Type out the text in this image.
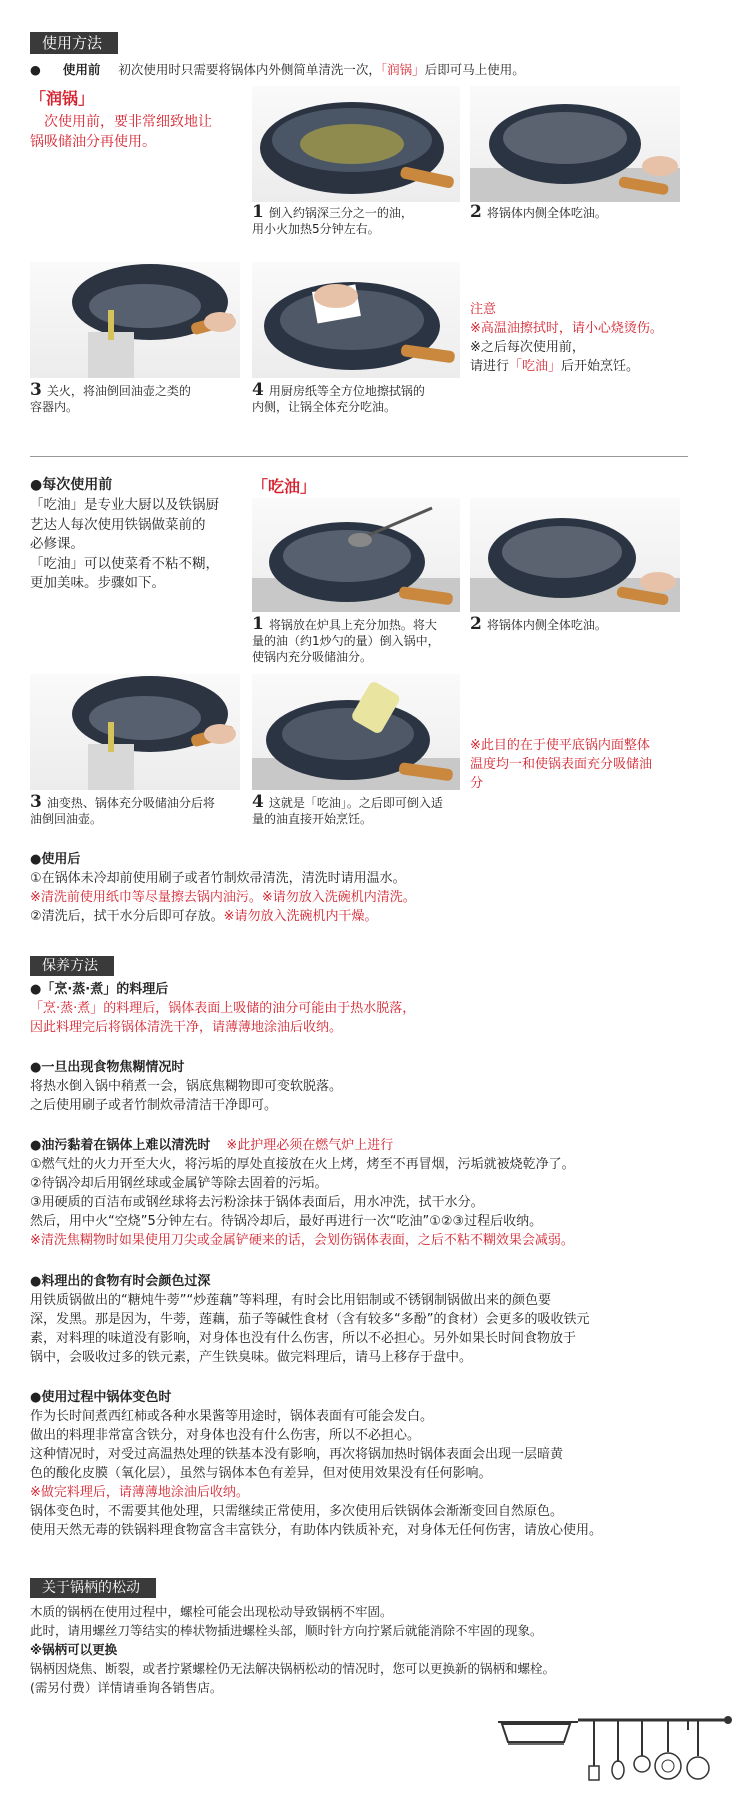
使用方法
● 使用前 初次使用时只需要将锅体内外侧简单清洗一次，「润锅」后即可马上使用。
「润锅」
次使用前，要非常细致地让
锅吸储油分再使用。
1 倒入约锅深三分之一的油，
用小火加热5分钟左右。
2 将锅体内侧全体吃油。
3 关火，将油倒回油壶之类的
容器内。
4 用厨房纸等全方位地擦拭锅的
内侧，让锅全体充分吃油。
注意
※高温油擦拭时，请小心烧烫伤。
※之后每次使用前，
请进行「吃油」后开始烹饪。
●每次使用前
「吃油」是专业大厨以及铁锅厨
艺达人每次使用铁锅做菜前的
必修课。
「吃油」可以使菜肴不粘不糊，
更加美味。步骤如下。
「吃油」
1 将锅放在炉具上充分加热。将大
量的油（约1炒勺的量）倒入锅中，
使锅内充分吸储油分。
2 将锅体内侧全体吃油。
3 油变热、锅体充分吸储油分后将
油倒回油壶。
4 这就是「吃油」。之后即可倒入适
量的油直接开始烹饪。
※此目的在于使平底锅内面整体
温度均一和使锅表面充分吸储油
分
●使用后
①在锅体未冷却前使用刷子或者竹制炊帚清洗，清洗时请用温水。
※清洗前使用纸巾等尽量擦去锅内油污。※请勿放入洗碗机内清洗。
②清洗后，拭干水分后即可存放。※请勿放入洗碗机内干燥。
保养方法
●「烹·蒸·煮」的料理后
「烹·蒸·煮」的料理后，锅体表面上吸储的油分可能由于热水脱落，
因此料理完后将锅体清洗干净，请薄薄地涂油后收纳。
●一旦出现食物焦糊情况时
将热水倒入锅中稍煮一会，锅底焦糊物即可变软脱落。
之后使用刷子或者竹制炊帚清洁干净即可。
●油污黏着在锅体上难以清洗时 ※此护理必须在燃气炉上进行
①燃气灶的火力开至大火，将污垢的厚处直接放在火上烤，烤至不再冒烟，污垢就被烧乾净了。
②待锅冷却后用钢丝球或金属铲等除去固着的污垢。
③用硬质的百洁布或钢丝球将去污粉涂抹于锅体表面后，用水冲洗，拭干水分。
然后，用中火“空烧”5分钟左右。待锅冷却后，最好再进行一次“吃油”①②③过程后收纳。
※清洗焦糊物时如果使用刀尖或金属铲硬来的话，会划伤锅体表面，之后不粘不糊效果会减弱。
●料理出的食物有时会颜色过深
用铁质锅做出的“糖炖牛蒡”“炒莲藕”等料理，有时会比用铝制或不锈钢制锅做出来的颜色要
深，发黑。那是因为，牛蒡，莲藕，茄子等碱性食材（含有较多“多酚”的食材）会更多的吸收铁元
素，对料理的味道没有影响，对身体也没有什么伤害，所以不必担心。另外如果长时间食物放于
锅中，会吸收过多的铁元素，产生铁臭味。做完料理后，请马上移存于盘中。
●使用过程中锅体变色时
作为长时间煮西红柿或各种水果酱等用途时，锅体表面有可能会发白。
做出的料理非常富含铁分，对身体也没有什么伤害，所以不必担心。
这种情况时，对受过高温热处理的铁基本没有影响，再次将锅加热时锅体表面会出现一层暗黄
色的酸化皮膜（氧化层），虽然与锅体本色有差异，但对使用效果没有任何影响。
※做完料理后，请薄薄地涂油后收纳。
锅体变色时，不需要其他处理，只需继续正常使用，多次使用后铁锅体会渐渐变回自然原色。
使用天然无毒的铁锅料理食物富含丰富铁分，有助体内铁质补充，对身体无任何伤害，请放心使用。
关于锅柄的松动
木质的锅柄在使用过程中，螺栓可能会出现松动导致锅柄不牢固。
此时，请用螺丝刀等结实的棒状物插进螺栓头部，顺时针方向拧紧后就能消除不牢固的现象。
※锅柄可以更换
锅柄因烧焦、断裂，或者拧紧螺栓仍无法解决锅柄松动的情况时，您可以更换新的锅柄和螺栓。
(需另付费）详情请垂询各销售店。
